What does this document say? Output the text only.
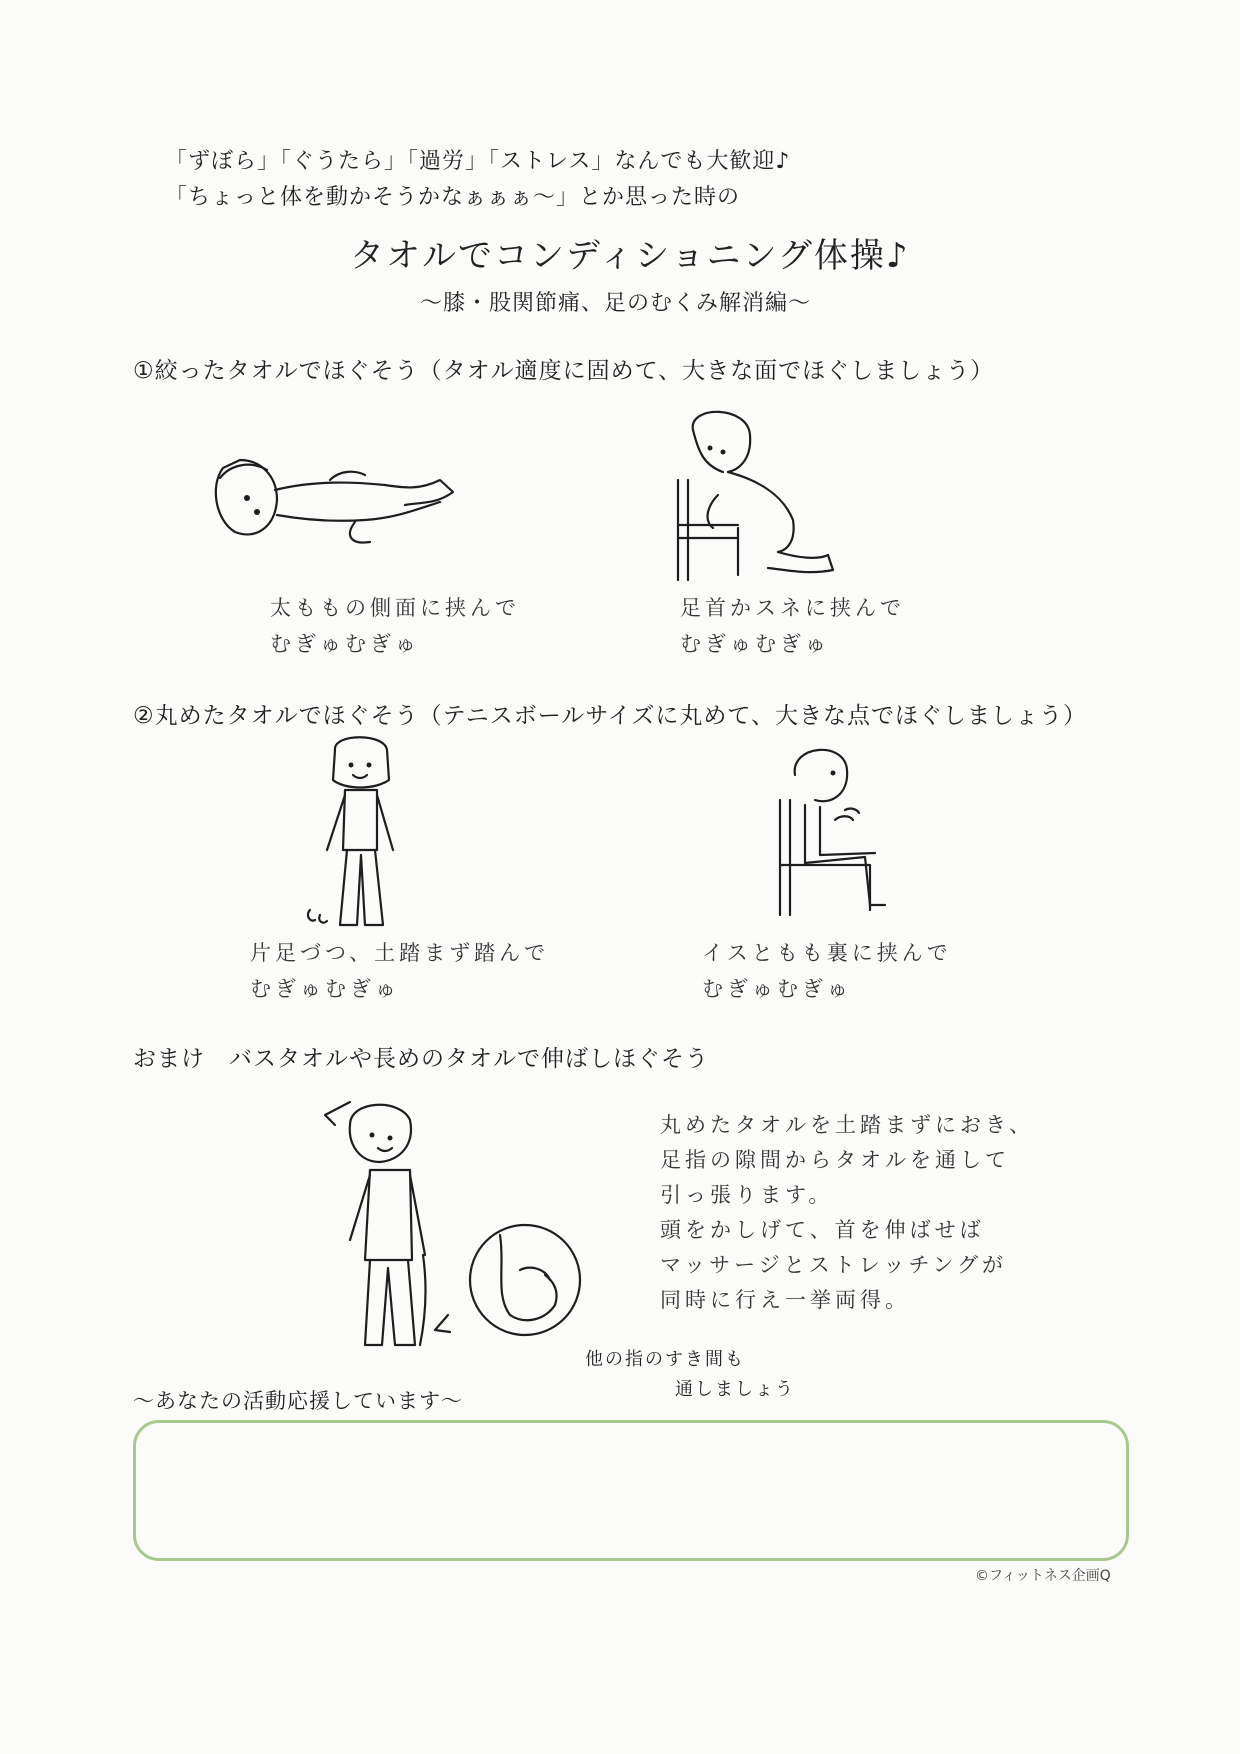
「ずぼら」「ぐうたら」「過労」「ストレス」なんでも大歓迎♪
「ちょっと体を動かそうかなぁぁぁ〜」とか思った時の
タオルでコンディショニング体操♪
〜膝・股関節痛、足のむくみ解消編〜
①絞ったタオルでほぐそう（タオル適度に固めて、大きな面でほぐしましょう）
太ももの側面に挟んで
むぎゅむぎゅ
足首かスネに挟んで
むぎゅむぎゅ
②丸めたタオルでほぐそう（テニスボールサイズに丸めて、大きな点でほぐしましょう）
片足づつ、土踏まず踏んで
むぎゅむぎゅ
イスともも裏に挟んで
むぎゅむぎゅ
おまけ　バスタオルや長めのタオルで伸ばしほぐそう
丸めたタオルを土踏まずにおき、
足指の隙間からタオルを通して
引っ張ります。
頭をかしげて、首を伸ばせば
マッサージとストレッチングが
同時に行え一挙両得。
他の指のすき間も
通しましょう
〜あなたの活動応援しています〜
©フィットネス企画Q
